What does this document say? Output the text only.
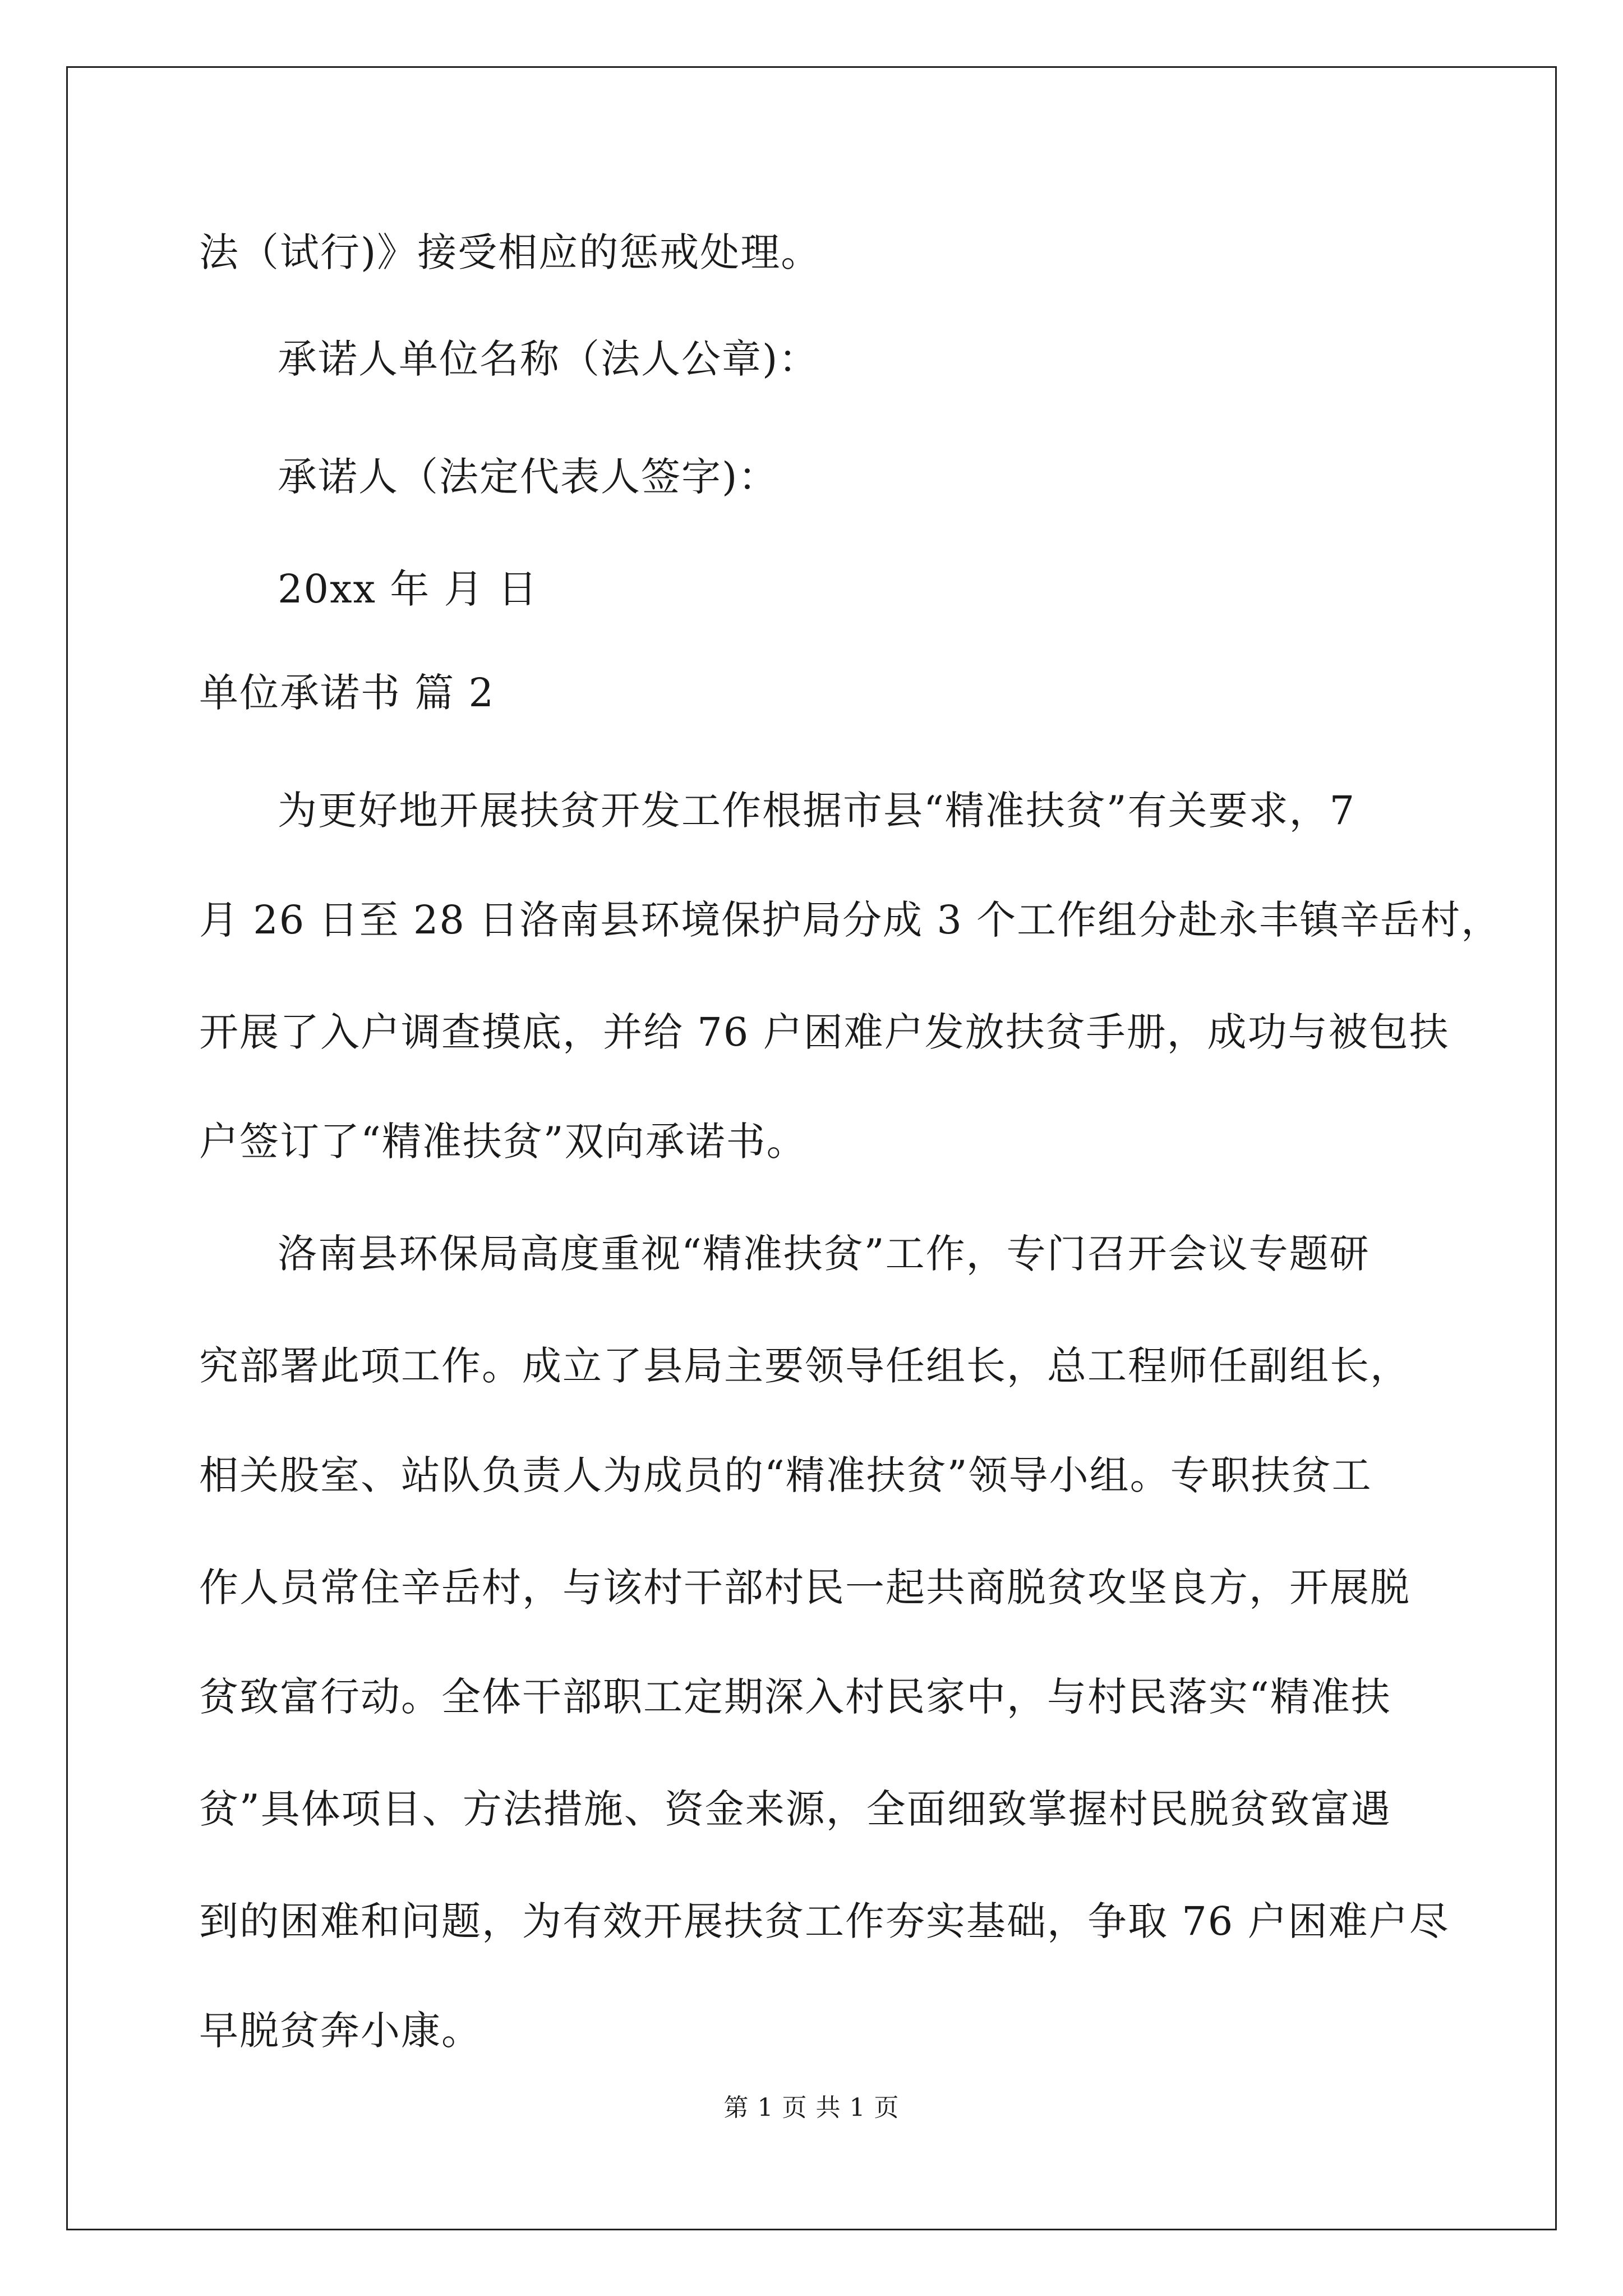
法（试行)》接受相应的惩戒处理。
承诺人单位名称（法人公章)：
承诺人（法定代表人签字)：
20xx 年 月 日
单位承诺书 篇 2
为更好地开展扶贫开发工作根据市县“精准扶贫”有关要求，7
月 26 日至 28 日洛南县环境保护局分成 3 个工作组分赴永丰镇辛岳村，
开展了入户调查摸底，并给 76 户困难户发放扶贫手册，成功与被包扶
户签订了“精准扶贫”双向承诺书。
洛南县环保局高度重视“精准扶贫”工作，专门召开会议专题研
究部署此项工作。成立了县局主要领导任组长，总工程师任副组长，
相关股室、站队负责人为成员的“精准扶贫”领导小组。专职扶贫工
作人员常住辛岳村，与该村干部村民一起共商脱贫攻坚良方，开展脱
贫致富行动。全体干部职工定期深入村民家中，与村民落实“精准扶
贫”具体项目、方法措施、资金来源，全面细致掌握村民脱贫致富遇
到的困难和问题，为有效开展扶贫工作夯实基础，争取 76 户困难户尽
早脱贫奔小康。
第 1 页 共 1 页
